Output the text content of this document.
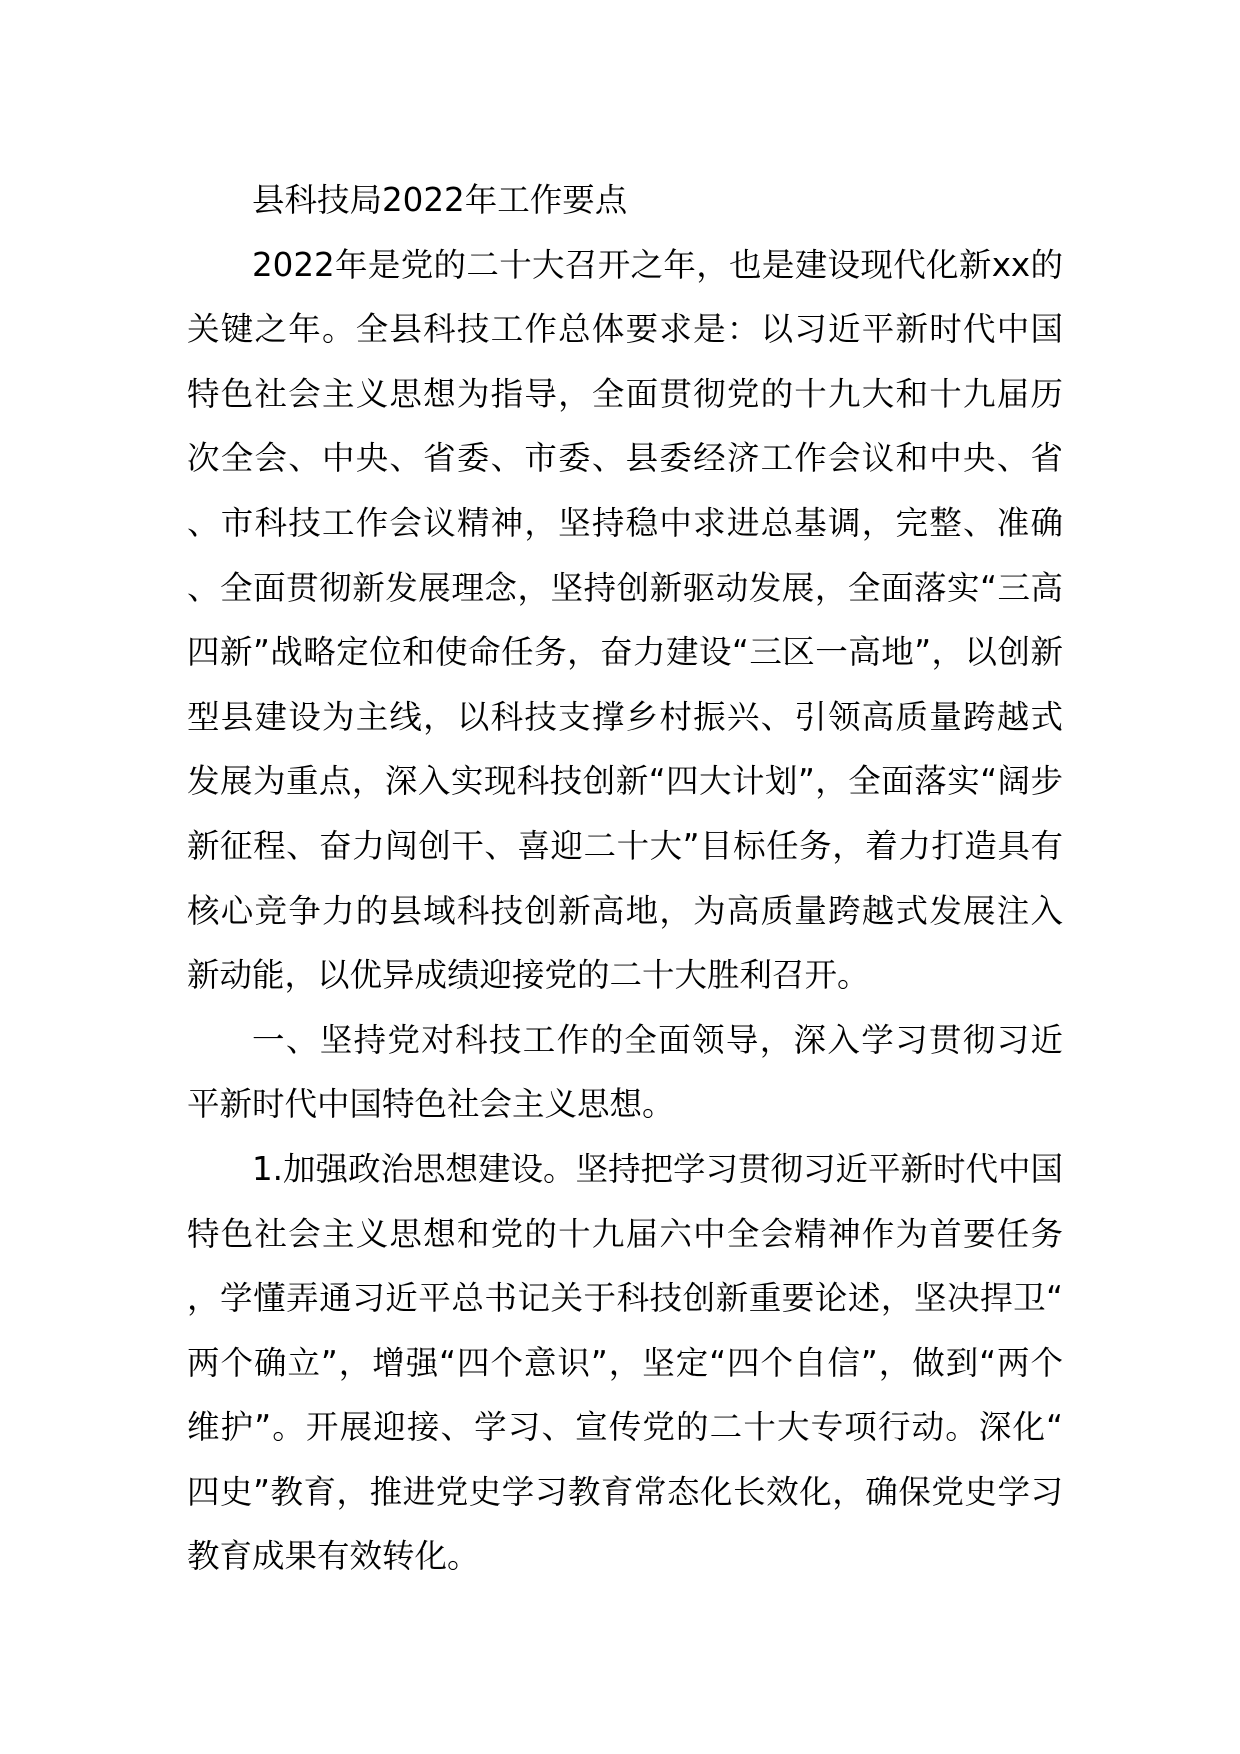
县科技局2022年工作要点

2022年是党的二十大召开之年，也是建设现代化新xx的关键之年。全县科技工作总体要求是：以习近平新时代中国特色社会主义思想为指导，全面贯彻党的十九大和十九届历次全会、中央、省委、市委、县委经济工作会议和中央、省、市科技工作会议精神，坚持稳中求进总基调，完整、准确、全面贯彻新发展理念，坚持创新驱动发展，全面落实“三高四新”战略定位和使命任务，奋力建设“三区一高地”，以创新型县建设为主线，以科技支撑乡村振兴、引领高质量跨越式发展为重点，深入实现科技创新“四大计划”，全面落实“阔步新征程、奋力闯创干、喜迎二十大”目标任务，着力打造具有核心竞争力的县域科技创新高地，为高质量跨越式发展注入新动能，以优异成绩迎接党的二十大胜利召开。

一、坚持党对科技工作的全面领导，深入学习贯彻习近平新时代中国特色社会主义思想。

1.加强政治思想建设。坚持把学习贯彻习近平新时代中国特色社会主义思想和党的十九届六中全会精神作为首要任务，学懂弄通习近平总书记关于科技创新重要论述，坚决捍卫“两个确立”，增强“四个意识”，坚定“四个自信”，做到“两个维护”。开展迎接、学习、宣传党的二十大专项行动。深化“四史”教育，推进党史学习教育常态化长效化，确保党史学习教育成果有效转化。
